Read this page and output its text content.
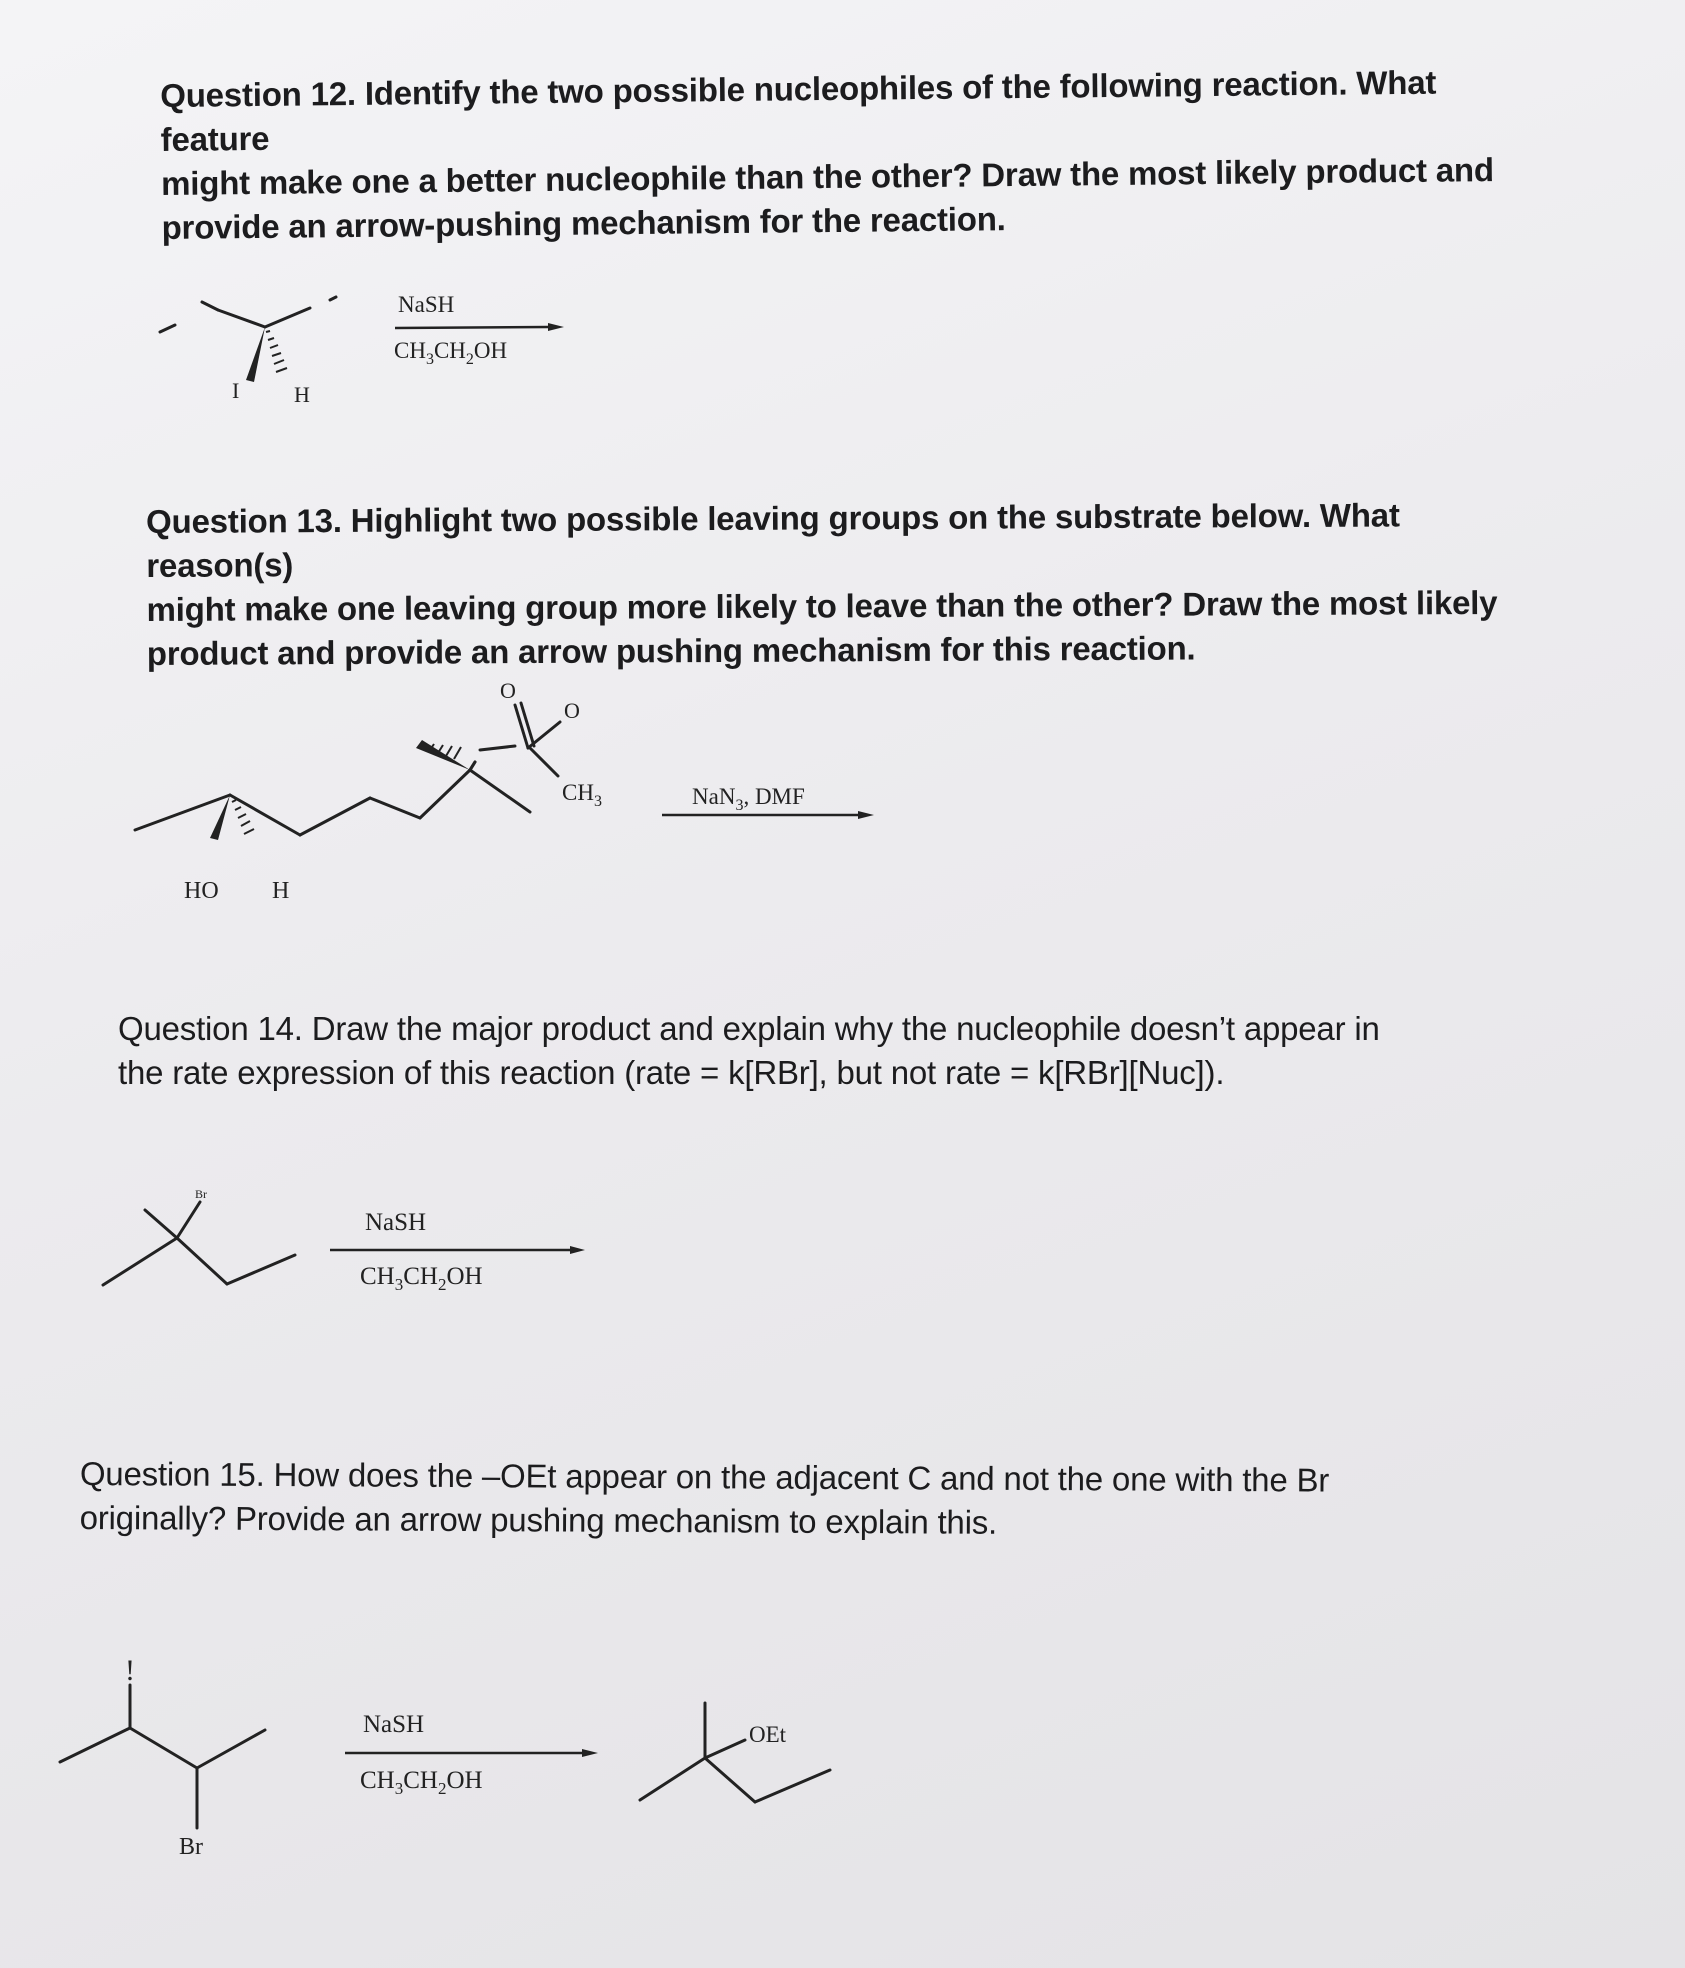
Question 12. Identify the two possible nucleophiles of the following reaction. What feature

might make one a better nucleophile than the other? Draw the most likely product and

provide an arrow-pushing mechanism for the reaction.

I H
NaSH
$CH_3CH_2OH$

Question 13. Highlight two possible leaving groups on the substrate below. What reason(s)

might make one leaving group more likely to leave than the other? Draw the most likely

product and provide an arrow pushing mechanism for this reaction.

HO H
O
O
$CH_3$	NaN$_3$, DMF

Question 14. Draw the major product and explain why the nucleophile doesn’t appear in

the rate expression of this reaction (rate = k[RBr], but not rate = k[RBr][Nuc]).

Br
NaSH
$CH_3CH_2OH$

Question 15. How does the –OEt appear on the adjacent C and not the one with the Br

originally? Provide an arrow pushing mechanism to explain this.

!
Br
NaSH
$CH_3CH_2OH$
OEt
